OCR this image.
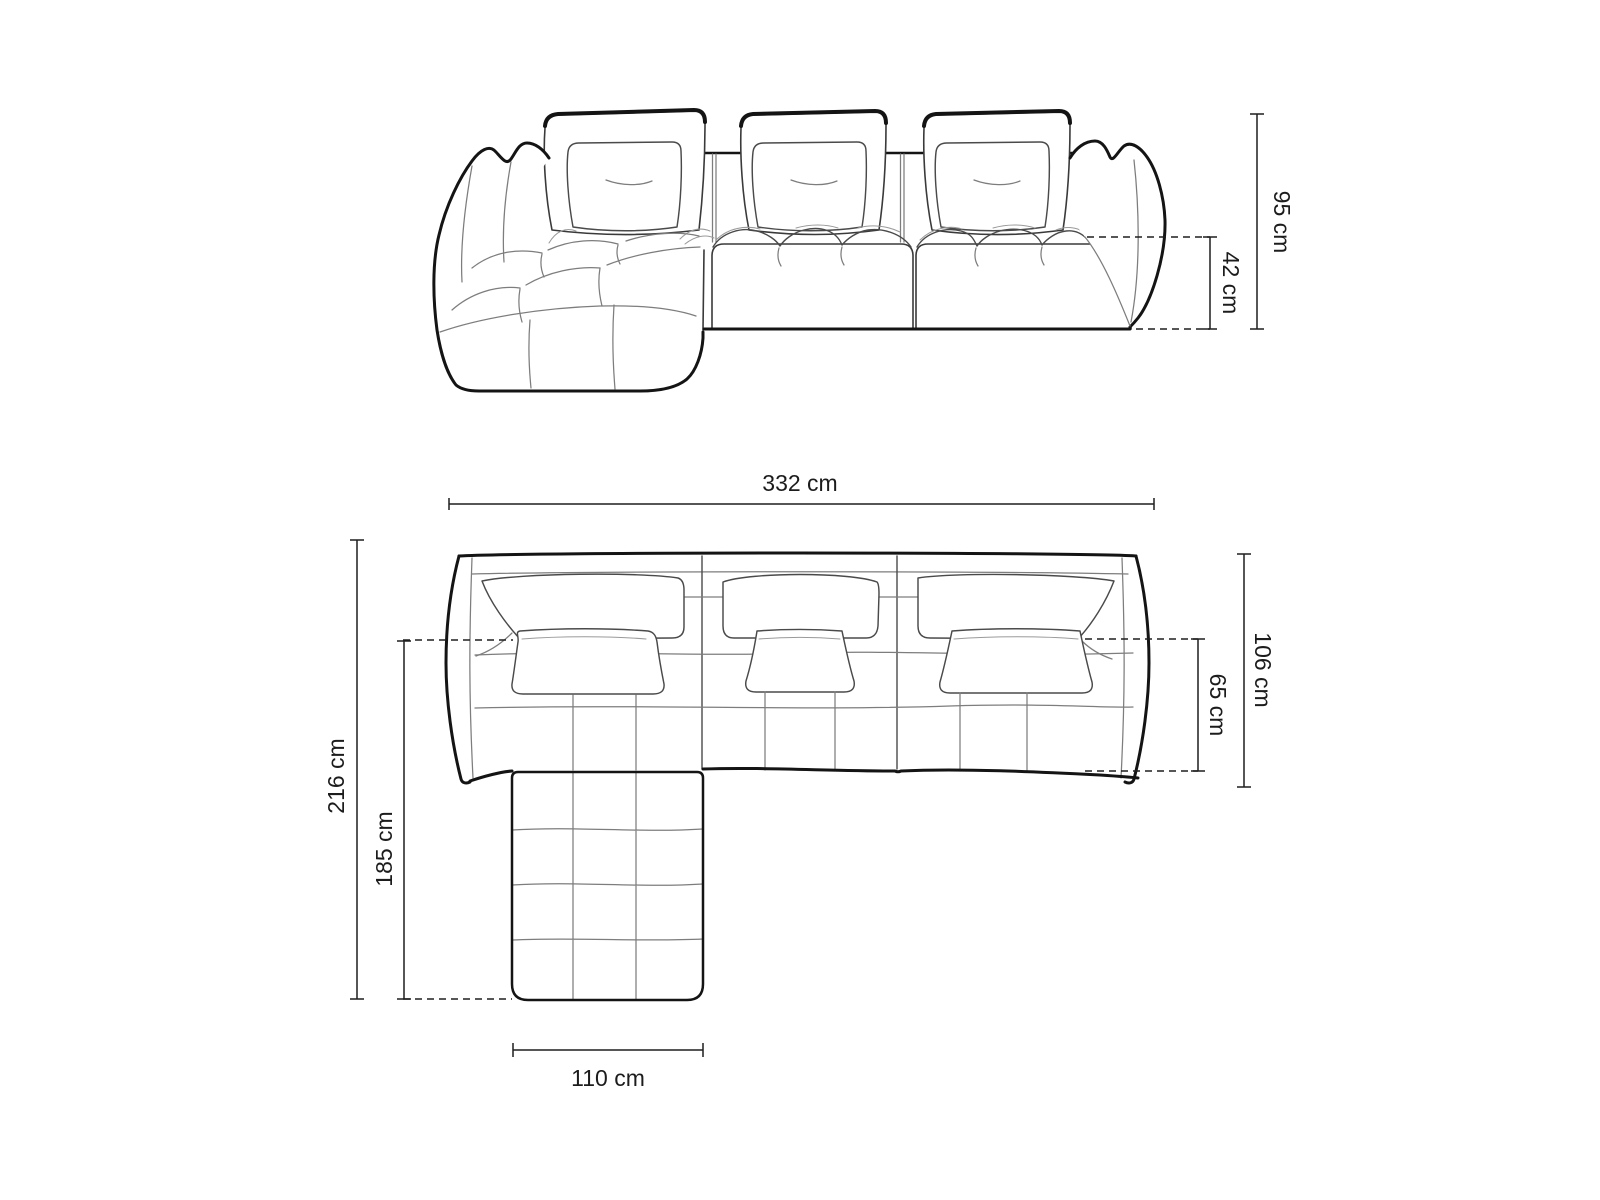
95 cm
42 cm
332 cm
216 cm
185 cm
106 cm
65 cm
110 cm
